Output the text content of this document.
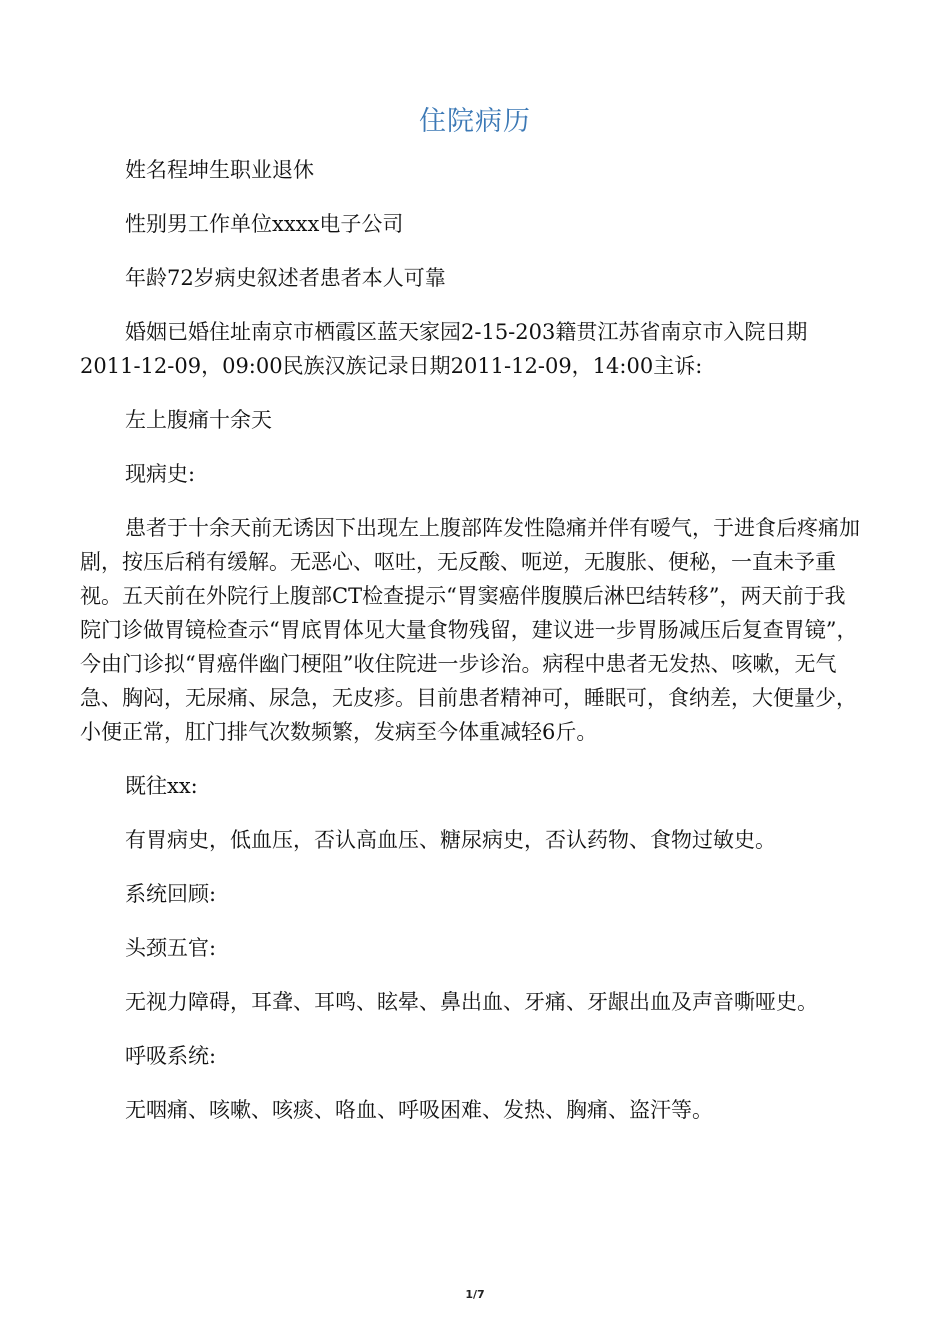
住院病历

姓名程坤生职业退休

性别男工作单位xxxx电子公司

年龄72岁病史叙述者患者本人可靠

婚姻已婚住址南京市栖霞区蓝天家园2-15-203籍贯江苏省南京市入院日期2011-12-09，09:00民族汉族记录日期2011-12-09，14:00主诉:

左上腹痛十余天

现病史:

患者于十余天前无诱因下出现左上腹部阵发性隐痛并伴有嗳气，于进食后疼痛加剧，按压后稍有缓解。无恶心、呕吐，无反酸、呃逆，无腹胀、便秘，一直未予重视。五天前在外院行上腹部CT检查提示“胃窦癌伴腹膜后淋巴结转移”，两天前于我院门诊做胃镜检查示“胃底胃体见大量食物残留，建议进一步胃肠减压后复查胃镜”，今由门诊拟“胃癌伴幽门梗阻”收住院进一步诊治。病程中患者无发热、咳嗽，无气急、胸闷，无尿痛、尿急，无皮疹。目前患者精神可，睡眠可，食纳差，大便量少，小便正常，肛门排气次数频繁，发病至今体重减轻6斤。

既往xx:

有胃病史，低血压，否认高血压、糖尿病史，否认药物、食物过敏史。

系统回顾:

头颈五官:

无视力障碍，耳聋、耳鸣、眩晕、鼻出血、牙痛、牙龈出血及声音嘶哑史。

呼吸系统:

无咽痛、咳嗽、咳痰、咯血、呼吸困难、发热、胸痛、盗汗等。

1/7
